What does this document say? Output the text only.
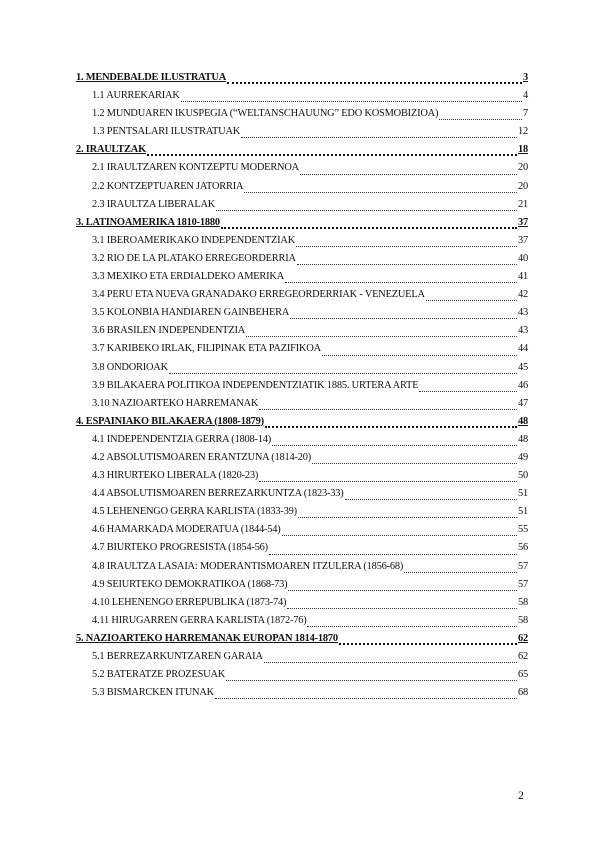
1. MENDEBALDE ILUSTRATUA	3
1.1 AURREKARIAK	4
1.2 MUNDUAREN IKUSPEGIA (“WELTANSCHAUUNG” EDO KOSMOBIZIOA)	7
1.3 PENTSALARI ILUSTRATUAK	12
2. IRAULTZAK	18
2.1 IRAULTZAREN KONTZEPTU MODERNOA	20
2.2 KONTZEPTUAREN JATORRIA	20
2.3 IRAULTZA LIBERALAK	21
3. LATINOAMERIKA 1810-1880	37
3.1 IBEROAMERIKAKO INDEPENDENTZIAK	37
3.2 RIO DE LA PLATAKO ERREGEORDERRIA	40
3.3 MEXIKO ETA ERDIALDEKO AMERIKA	41
3.4 PERU ETA NUEVA GRANADAKO ERREGEORDERRIAK - VENEZUELA	42
3.5 KOLONBIA HANDIAREN GAINBEHERA	43
3.6 BRASILEN INDEPENDENTZIA	43
3.7 KARIBEKO IRLAK, FILIPINAK ETA PAZIFIKOA	44
3.8 ONDORIOAK	45
3.9 BILAKAERA POLITIKOA INDEPENDENTZIATIK 1885. URTERA ARTE	46
3.10 NAZIOARTEKO HARREMANAK	47
4. ESPAINIAKO BILAKAERA (1808-1879)	48
4.1 INDEPENDENTZIA GERRA (1808-14)	48
4.2 ABSOLUTISMOAREN ERANTZUNA (1814-20)	49
4.3 HIRURTEKO LIBERALA (1820-23)	50
4.4 ABSOLUTISMOAREN BERREZARKUNTZA (1823-33)	51
4.5 LEHENENGO GERRA KARLISTA (1833-39)	51
4.6 HAMARKADA MODERATUA (1844-54)	55
4.7 BIURTEKO PROGRESISTA (1854-56)	56
4.8 IRAULTZA LASAIA: MODERANTISMOAREN ITZULERA (1856-68)	57
4.9 SEIURTEKO DEMOKRATIKOA (1868-73)	57
4.10 LEHENENGO ERREPUBLIKA (1873-74)	58
4.11 HIRUGARREN GERRA KARLISTA (1872-76)	58
5. NAZIOARTEKO HARREMANAK EUROPAN 1814-1870	62
5.1 BERREZARKUNTZAREN GARAIA	62
5.2 BATERATZE PROZESUAK	65
5.3 BISMARCKEN ITUNAK	68
2
